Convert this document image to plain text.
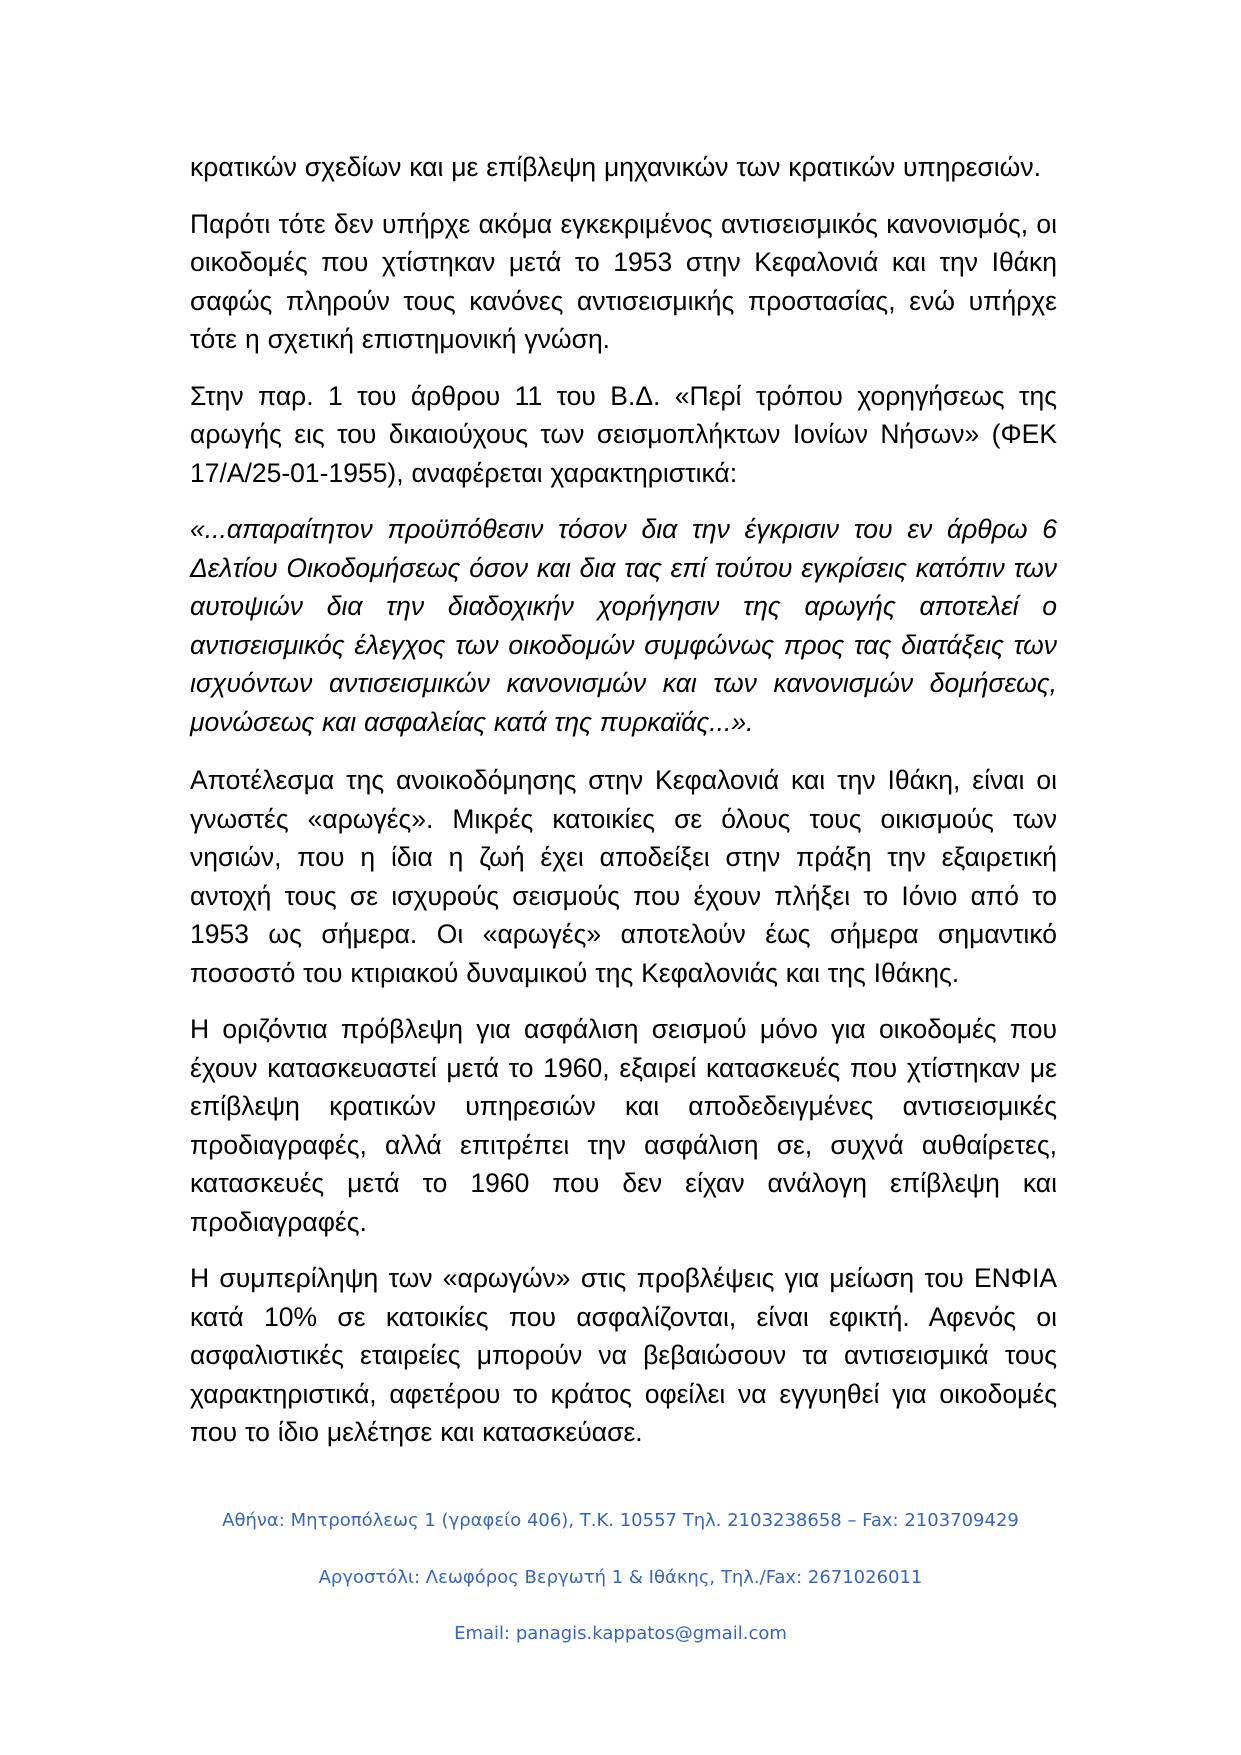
κρατικών σχεδίων και με επίβλεψη μηχανικών των κρατικών υπηρεσιών.

Παρότι τότε δεν υπήρχε ακόμα εγκεκριμένος αντισεισμικός κανονισμός, οι οικοδομές που χτίστηκαν μετά το 1953 στην Κεφαλονιά και την Ιθάκη σαφώς πληρούν τους κανόνες αντισεισμικής προστασίας, ενώ υπήρχε τότε η σχετική επιστημονική γνώση.

Στην παρ. 1 του άρθρου 11 του Β.Δ. «Περί τρόπου χορηγήσεως της αρωγής εις του δικαιούχους των σεισμοπλήκτων Ιονίων Νήσων» (ΦΕΚ 17/Α/25-01-1955), αναφέρεται χαρακτηριστικά:

«...απαραίτητον προϋπόθεσιν τόσον δια την έγκρισιν του εν άρθρω 6 Δελτίου Οικοδομήσεως όσον και δια τας επί τούτου εγκρίσεις κατόπιν των αυτοψιών δια την διαδοχικήν χορήγησιν της αρωγής αποτελεί ο αντισεισμικός έλεγχος των οικοδομών συμφώνως προς τας διατάξεις των ισχυόντων αντισεισμικών κανονισμών και των κανονισμών δομήσεως, μονώσεως και ασφαλείας κατά της πυρκαϊάς...».

Αποτέλεσμα της ανοικοδόμησης στην Κεφαλονιά και την Ιθάκη, είναι οι γνωστές «αρωγές». Μικρές κατοικίες σε όλους τους οικισμούς των νησιών, που η ίδια η ζωή έχει αποδείξει στην πράξη την εξαιρετική αντοχή τους σε ισχυρούς σεισμούς που έχουν πλήξει το Ιόνιο από το 1953 ως σήμερα. Οι «αρωγές» αποτελούν έως σήμερα σημαντικό ποσοστό του κτιριακού δυναμικού της Κεφαλονιάς και της Ιθάκης.

Η οριζόντια πρόβλεψη για ασφάλιση σεισμού μόνο για οικοδομές που έχουν κατασκευαστεί μετά το 1960, εξαιρεί κατασκευές που χτίστηκαν με επίβλεψη κρατικών υπηρεσιών και αποδεδειγμένες αντισεισμικές προδιαγραφές, αλλά επιτρέπει την ασφάλιση σε, συχνά αυθαίρετες, κατασκευές μετά το 1960 που δεν είχαν ανάλογη επίβλεψη και προδιαγραφές.

Η συμπερίληψη των «αρωγών» στις προβλέψεις για μείωση του ΕΝΦΙΑ κατά 10% σε κατοικίες που ασφαλίζονται, είναι εφικτή. Αφενός οι ασφαλιστικές εταιρείες μπορούν να βεβαιώσουν τα αντισεισμικά τους χαρακτηριστικά, αφετέρου το κράτος οφείλει να εγγυηθεί για οικοδομές που το ίδιο μελέτησε και κατασκεύασε.

Αθήνα: Μητροπόλεως 1 (γραφείο 406), Τ.Κ. 10557 Τηλ. 2103238658 – Fax: 2103709429
Αργοστόλι: Λεωφόρος Βεργωτή 1 & Ιθάκης, Τηλ./Fax: 2671026011
Email: panagis.kappatos@gmail.com
